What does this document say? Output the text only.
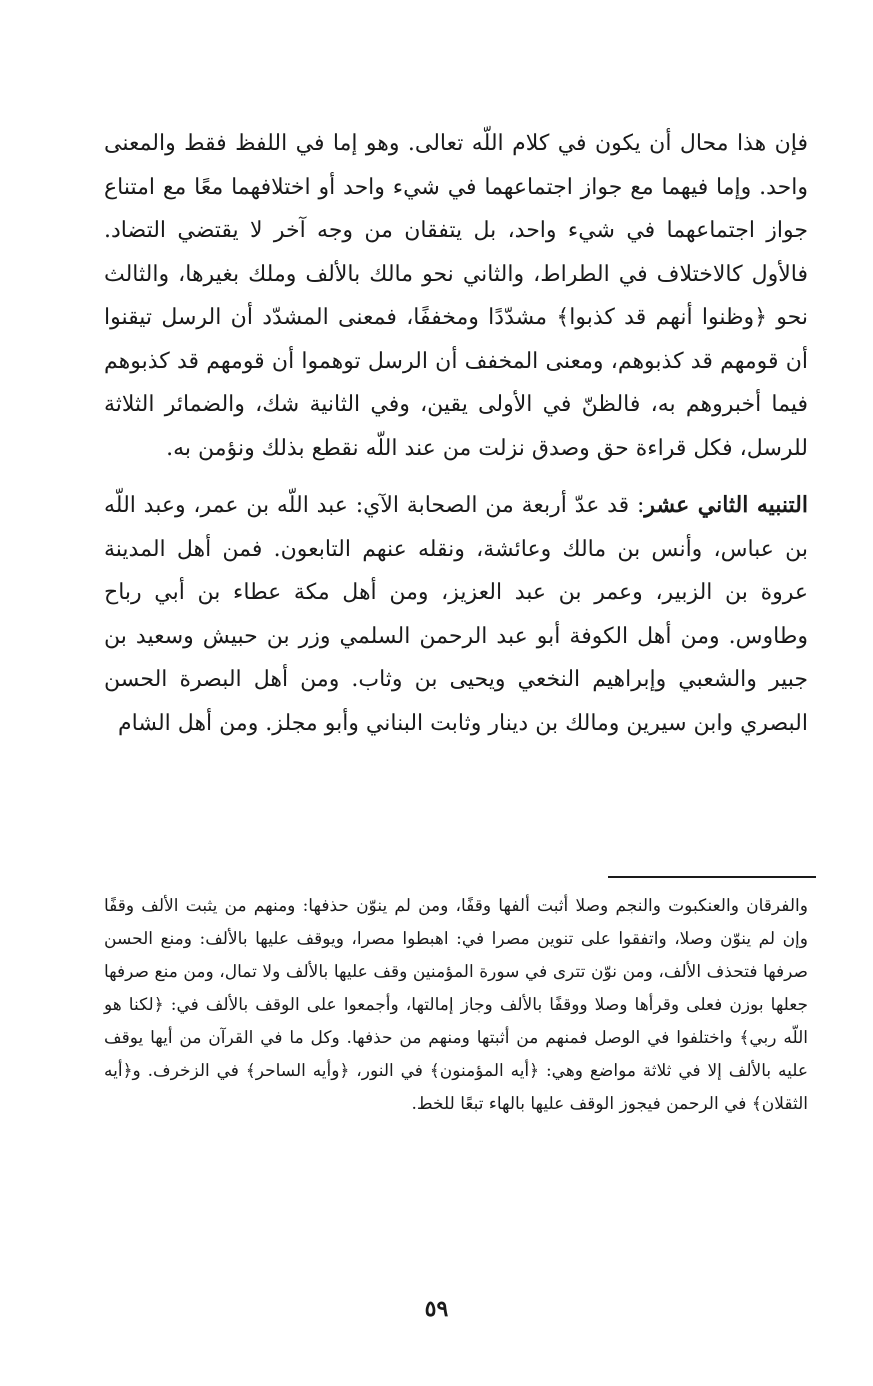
فإن هذا محال أن يكون في كلام اللّه تعالى. وهو إما في اللفظ فقط والمعنى واحد. وإما فيهما مع جواز اجتماعهما في شيء واحد أو اختلافهما معًا مع امتناع جواز اجتماعهما في شيء واحد، بل يتفقان من وجه آخر لا يقتضي التضاد. فالأول كالاختلاف في الطراط، والثاني نحو مالك بالألف وملك بغيرها، والثالث نحو ﴿وظنوا أنهم قد كذبوا﴾ مشدّدًا ومخففًا، فمعنى المشدّد أن الرسل تيقنوا أن قومهم قد كذبوهم، ومعنى المخفف أن الرسل توهموا أن قومهم قد كذبوهم فيما أخبروهم به، فالظنّ في الأولى يقين، وفي الثانية شك، والضمائر الثلاثة للرسل، فكل قراءة حق وصدق نزلت من عند اللّه نقطع بذلك ونؤمن به.

التنبيه الثاني عشر: قد عدّ أربعة من الصحابة الآي: عبد اللّه بن عمر، وعبد اللّه بن عباس، وأنس بن مالك وعائشة، ونقله عنهم التابعون. فمن أهل المدينة عروة بن الزبير، وعمر بن عبد العزيز، ومن أهل مكة عطاء بن أبي رباح وطاوس. ومن أهل الكوفة أبو عبد الرحمن السلمي وزر بن حبيش وسعيد بن جبير والشعبي وإبراهيم النخعي ويحيى بن وثاب. ومن أهل البصرة الحسن البصري وابن سيرين ومالك بن دينار وثابت البناني وأبو مجلز. ومن أهل الشام

والفرقان والعنكبوت والنجم وصلا أثبت ألفها وقفًا، ومن لم ينوّن حذفها: ومنهم من يثبت الألف وقفًا وإن لم ينوّن وصلا، واتفقوا على تنوين مصرا في: اهبطوا مصرا، ويوقف عليها بالألف: ومنع الحسن صرفها فتحذف الألف، ومن نوّن تترى في سورة المؤمنين وقف عليها بالألف ولا تمال، ومن منع صرفها جعلها بوزن فعلى وقرأها وصلا ووقفًا بالألف وجاز إمالتها، وأجمعوا على الوقف بالألف في: ﴿لكنا هو اللّه ربي﴾ واختلفوا في الوصل فمنهم من أثبتها ومنهم من حذفها. وكل ما في القرآن من أيها يوقف عليه بالألف إلا في ثلاثة مواضع وهي: ﴿أيه المؤمنون﴾ في النور، ﴿وأيه الساحر﴾ في الزخرف. و﴿أيه الثقلان﴾ في الرحمن فيجوز الوقف عليها بالهاء تبعًا للخط.

٥٩
